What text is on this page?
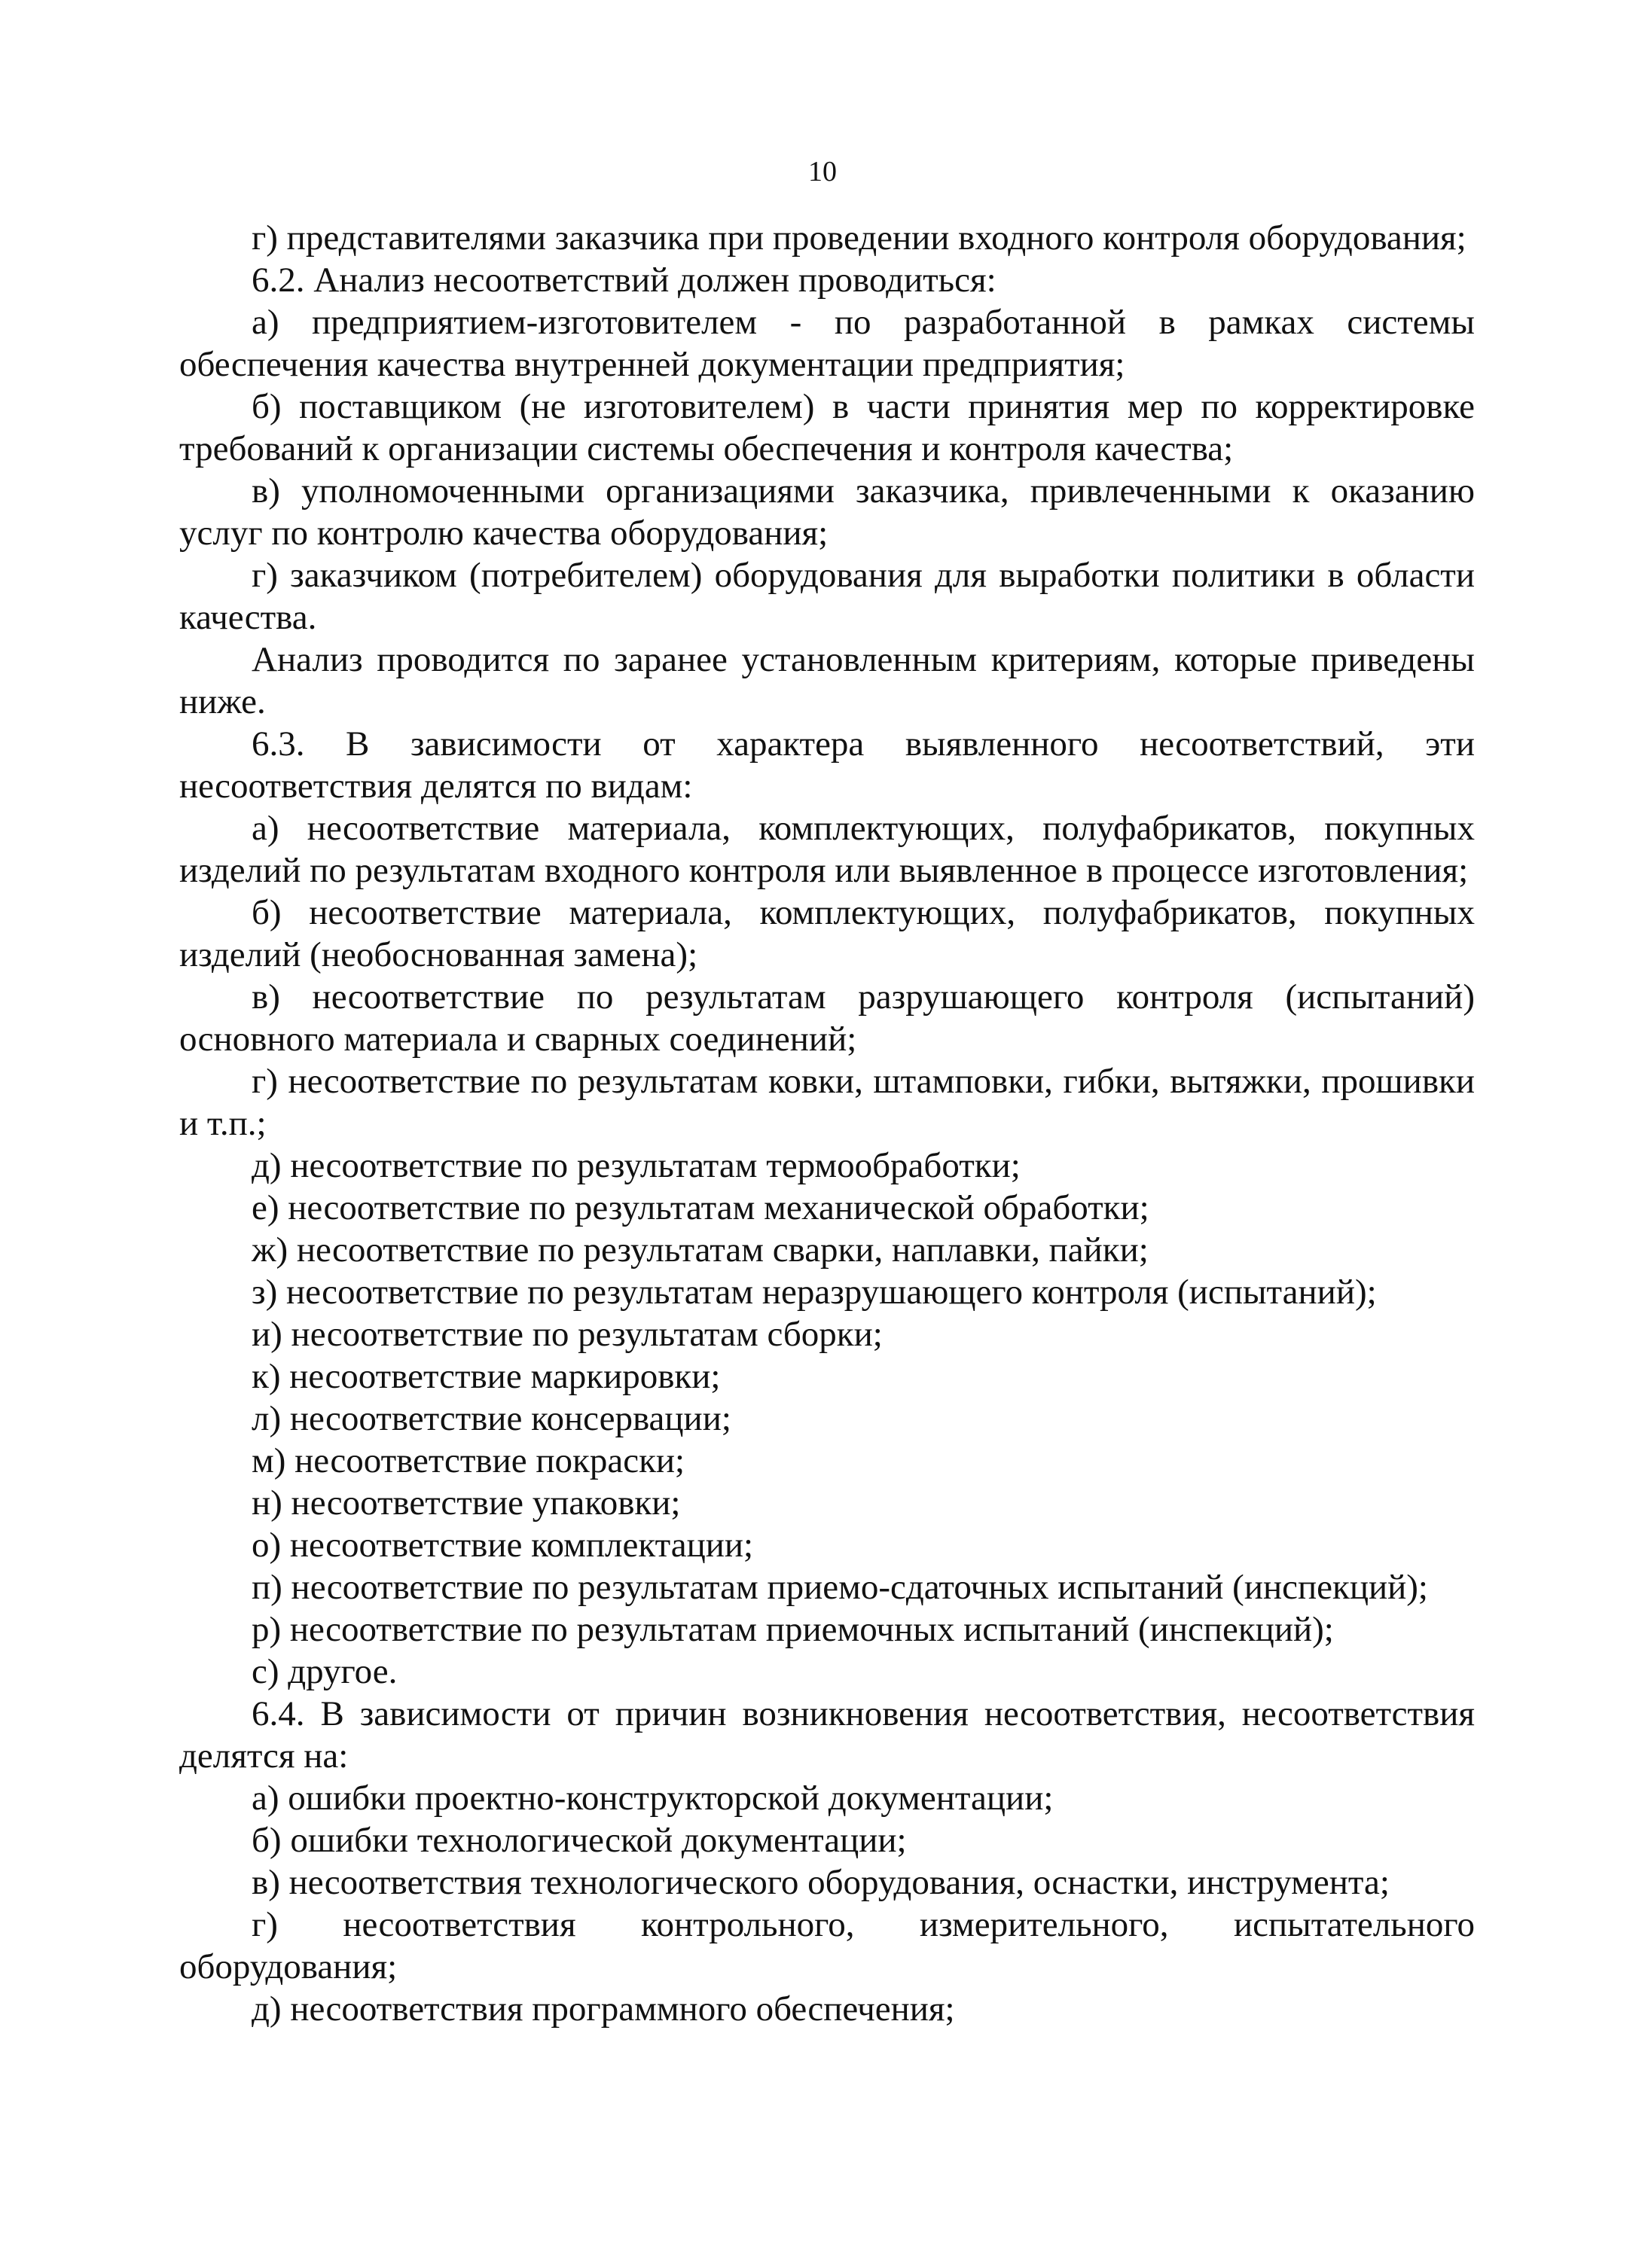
10

г) представителями заказчика при проведении входного контроля оборудования;

6.2. Анализ несоответствий должен проводиться:

а) предприятием-изготовителем - по разработанной в рамках системы обеспечения качества внутренней документации предприятия;

б) поставщиком (не изготовителем) в части принятия мер по корректировке требований к организации системы обеспечения и контроля качества;

в) уполномоченными организациями заказчика, привлеченными к оказанию услуг по контролю качества оборудования;

г) заказчиком (потребителем) оборудования для выработки политики в области качества.

Анализ проводится по заранее установленным критериям, которые приведены ниже.

6.3. В зависимости от характера выявленного несоответствий, эти несоответствия делятся по видам:

а) несоответствие материала, комплектующих, полуфабрикатов, покупных изделий по результатам входного контроля или выявленное в процессе изготовления;

б) несоответствие материала, комплектующих, полуфабрикатов, покупных изделий (необоснованная замена);

в) несоответствие по результатам разрушающего контроля (испытаний) основного материала и сварных соединений;

г) несоответствие по результатам ковки, штамповки, гибки, вытяжки, прошивки и т.п.;

д) несоответствие по результатам термообработки;

е) несоответствие по результатам механической обработки;

ж) несоответствие по результатам сварки, наплавки, пайки;

з) несоответствие по результатам неразрушающего контроля (испытаний);

и) несоответствие по результатам сборки;

к) несоответствие маркировки;

л) несоответствие консервации;

м) несоответствие покраски;

н) несоответствие упаковки;

о) несоответствие комплектации;

п) несоответствие по результатам приемо-сдаточных испытаний (инспекций);

р) несоответствие по результатам приемочных испытаний (инспекций);

с) другое.

6.4. В зависимости от причин возникновения несоответствия, несоответствия делятся на:

а) ошибки проектно-конструкторской документации;

б) ошибки технологической документации;

в) несоответствия технологического оборудования, оснастки, инструмента;

г) несоответствия контрольного, измерительного, испытательного оборудования;

д) несоответствия программного обеспечения;
